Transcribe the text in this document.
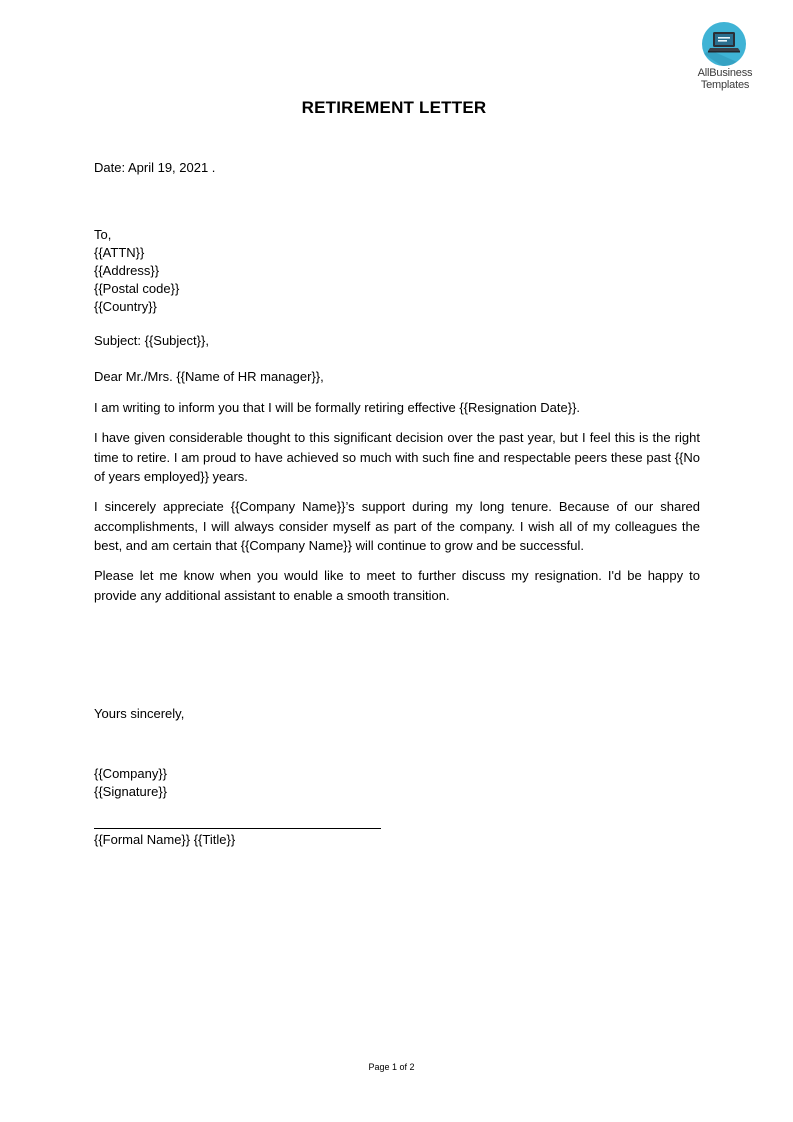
AllBusiness
Templates
RETIREMENT LETTER
Date: April 19, 2021 .
To,
{{ATTN}}
{{Address}}
{{Postal code}}
{{Country}}
Subject: {{Subject}},
Dear Mr./Mrs. {{Name of HR manager}},
I am writing to inform you that I will be formally retiring effective {{Resignation Date}}.
I have given considerable thought to this significant decision over the past year, but I feel this is the right time to retire. I am proud to have achieved so much with such fine and respectable peers these past {{No of years employed}} years.
I sincerely appreciate {{Company Name}}’s support during my long tenure. Because of our shared accomplishments, I will always consider myself as part of the company. I wish all of my colleagues the best, and am certain that {{Company Name}} will continue to grow and be successful.
Please let me know when you would like to meet to further discuss my resignation. I'd be happy to provide any additional assistant to enable a smooth transition.
Yours sincerely,
{{Company}}
{{Signature}}
{{Formal Name}} {{Title}}
Page 1 of 2
